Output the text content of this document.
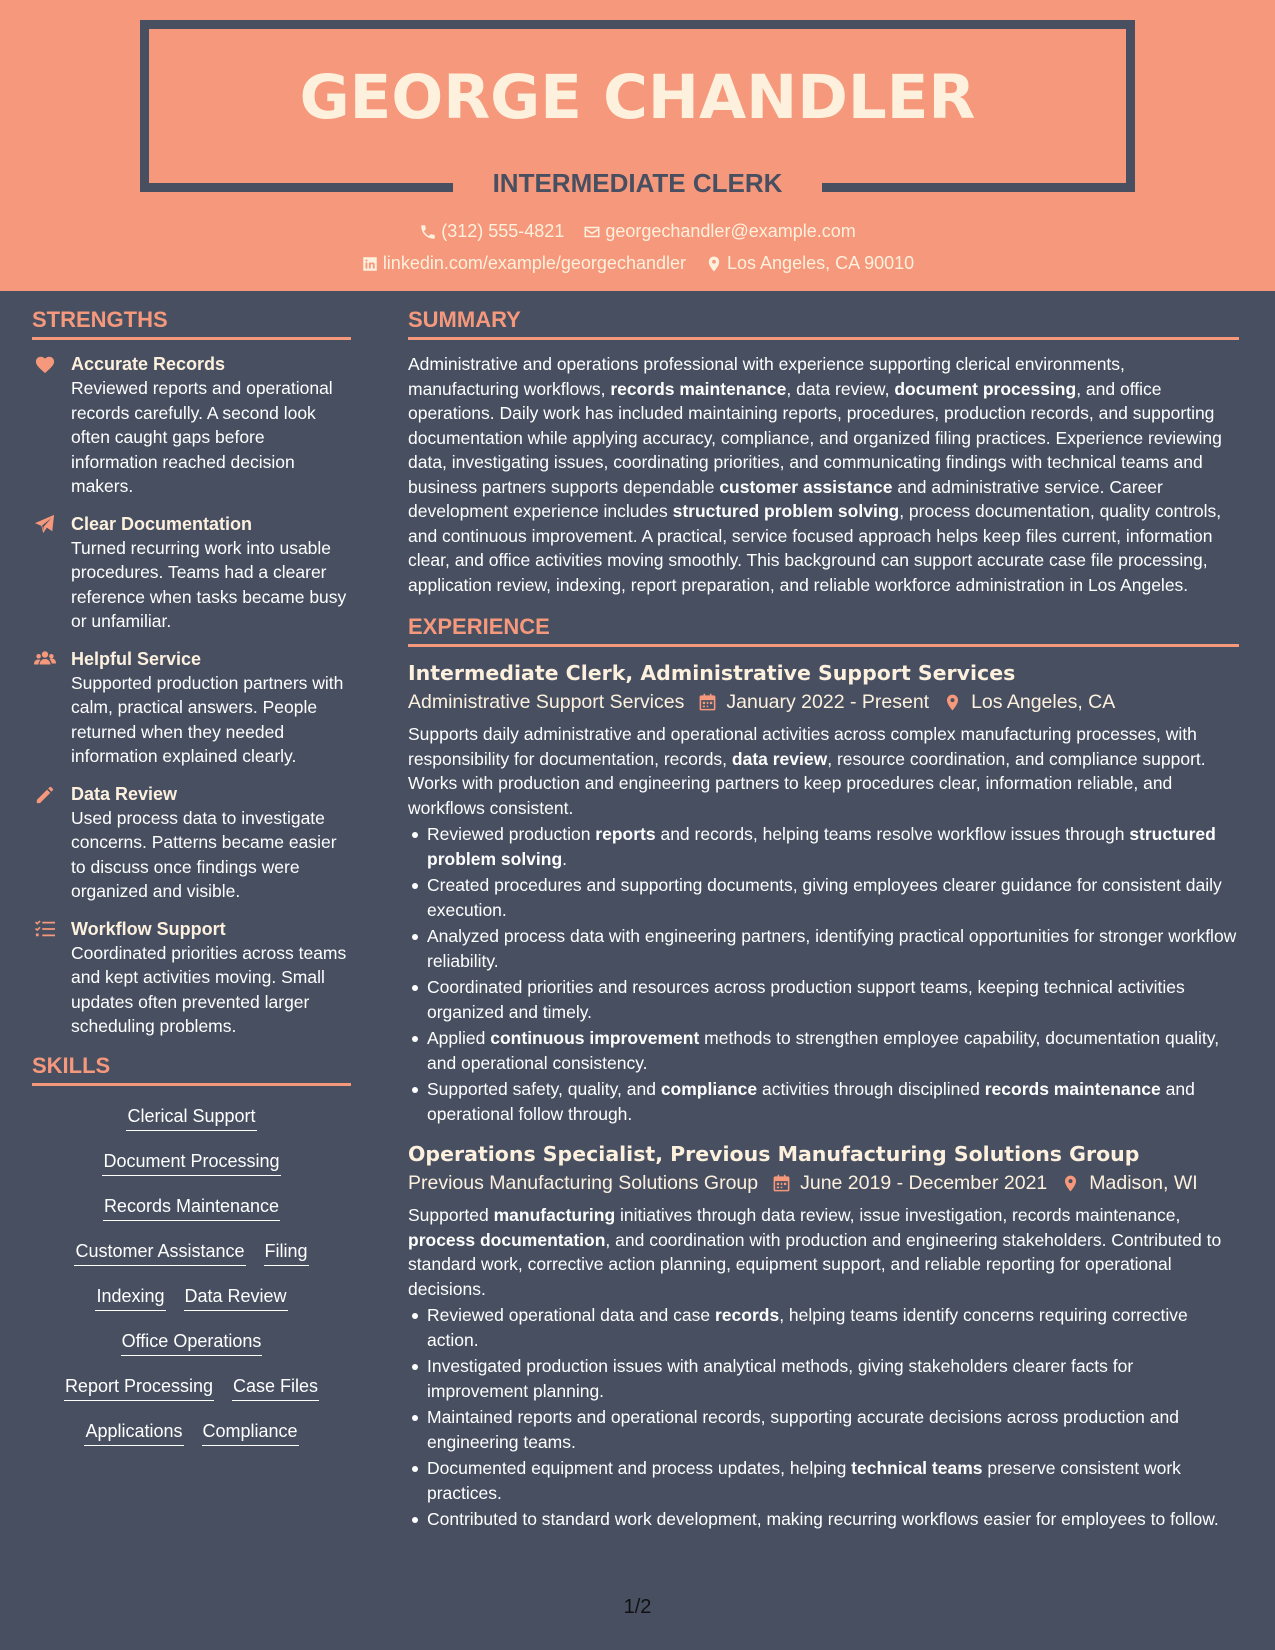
GEORGE CHANDLER
INTERMEDIATE CLERK
(312) 555-4821
georgechandler@example.com
linkedin.com/example/georgechandler
Los Angeles, CA 90010
STRENGTHS
Accurate Records
Reviewed reports and operational records carefully. A second look often caught gaps before information reached decision makers.
Clear Documentation
Turned recurring work into usable procedures. Teams had a clearer reference when tasks became busy or unfamiliar.
Helpful Service
Supported production partners with calm, practical answers. People returned when they needed information explained clearly.
Data Review
Used process data to investigate concerns. Patterns became easier to discuss once findings were organized and visible.
Workflow Support
Coordinated priorities across teams and kept activities moving. Small updates often prevented larger scheduling problems.
SKILLS
Clerical Support
Document Processing
Records Maintenance
Customer Assistance Filing
Indexing Data Review
Office Operations
Report Processing Case Files
Applications Compliance
SUMMARY
Administrative and operations professional with experience supporting clerical environments, manufacturing workflows, records maintenance, data review, document processing, and office operations. Daily work has included maintaining reports, procedures, production records, and supporting documentation while applying accuracy, compliance, and organized filing practices. Experience reviewing data, investigating issues, coordinating priorities, and communicating findings with technical teams and business partners supports dependable customer assistance and administrative service. Career development experience includes structured problem solving, process documentation, quality controls, and continuous improvement. A practical, service focused approach helps keep files current, information clear, and office activities moving smoothly. This background can support accurate case file processing, application review, indexing, report preparation, and reliable workforce administration in Los Angeles.
EXPERIENCE
Intermediate Clerk, Administrative Support Services
Administrative Support Services January 2022 - Present Los Angeles, CA
Supports daily administrative and operational activities across complex manufacturing processes, with responsibility for documentation, records, data review, resource coordination, and compliance support. Works with production and engineering partners to keep procedures clear, information reliable, and workflows consistent.
Reviewed production reports and records, helping teams resolve workflow issues through structured problem solving.
Created procedures and supporting documents, giving employees clearer guidance for consistent daily execution.
Analyzed process data with engineering partners, identifying practical opportunities for stronger workflow reliability.
Coordinated priorities and resources across production support teams, keeping technical activities organized and timely.
Applied continuous improvement methods to strengthen employee capability, documentation quality, and operational consistency.
Supported safety, quality, and compliance activities through disciplined records maintenance and operational follow through.
Operations Specialist, Previous Manufacturing Solutions Group
Previous Manufacturing Solutions Group June 2019 - December 2021 Madison, WI
Supported manufacturing initiatives through data review, issue investigation, records maintenance, process documentation, and coordination with production and engineering stakeholders. Contributed to standard work, corrective action planning, equipment support, and reliable reporting for operational decisions.
Reviewed operational data and case records, helping teams identify concerns requiring corrective action.
Investigated production issues with analytical methods, giving stakeholders clearer facts for improvement planning.
Maintained reports and operational records, supporting accurate decisions across production and engineering teams.
Documented equipment and process updates, helping technical teams preserve consistent work practices.
Contributed to standard work development, making recurring workflows easier for employees to follow.
1/2
